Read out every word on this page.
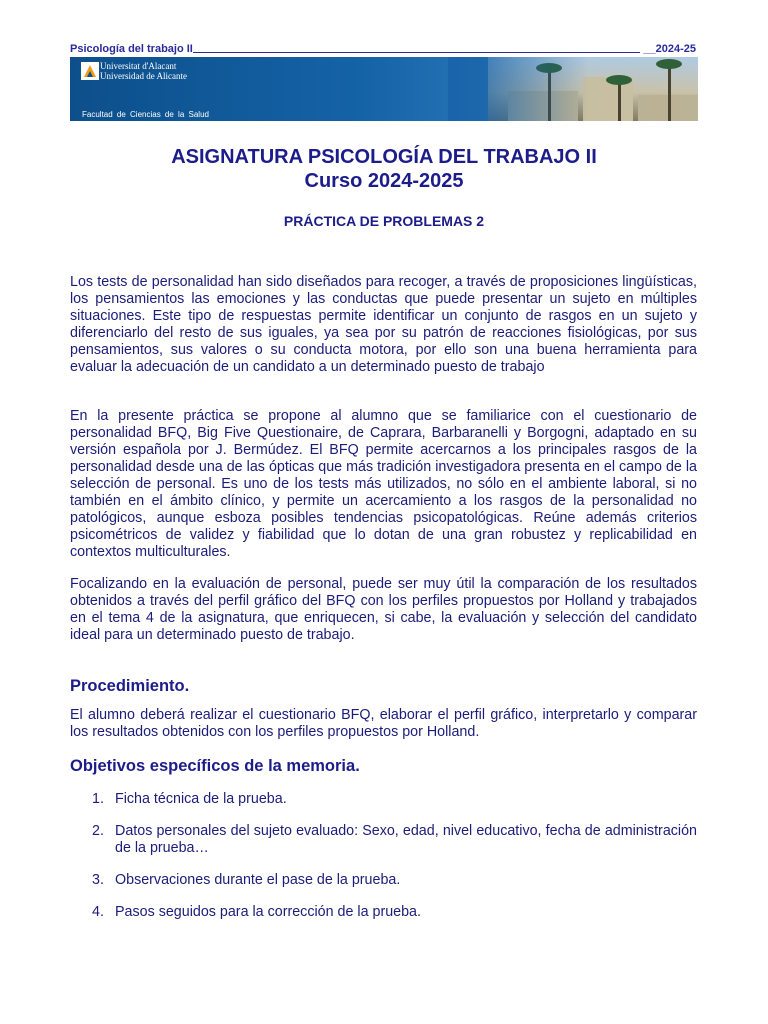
Psicología del trabajo II	__2024-25
Universitat d'Alacant
Universidad de Alicante
Facultad de Ciencias de la Salud
ASIGNATURA PSICOLOGÍA DEL TRABAJO II
Curso 2024-2025
PRÁCTICA DE PROBLEMAS 2

Los tests de personalidad han sido diseñados para recoger, a través de proposiciones lingüísticas, los pensamientos las emociones y las conductas que puede presentar un sujeto en múltiples situaciones. Este tipo de respuestas permite identificar un conjunto de rasgos en un sujeto y diferenciarlo del resto de sus iguales, ya sea por su patrón de reacciones fisiológicas, por sus pensamientos, sus valores o su conducta motora, por ello son una buena herramienta para evaluar la adecuación de un candidato a un determinado puesto de trabajo

En la presente práctica se propone al alumno que se familiarice con el cuestionario de personalidad BFQ, Big Five Questionaire, de Caprara, Barbaranelli y Borgogni, adaptado en su versión española por J. Bermúdez. El BFQ permite acercarnos a los principales rasgos de la personalidad desde una de las ópticas que más tradición investigadora presenta en el campo de la selección de personal. Es uno de los tests más utilizados, no sólo en el ambiente laboral, si no también en el ámbito clínico, y permite un acercamiento a los rasgos de la personalidad no patológicos, aunque esboza posibles tendencias psicopatológicas. Reúne además criterios psicométricos de validez y fiabilidad que lo dotan de una gran robustez y replicabilidad en contextos multiculturales.

Focalizando en la evaluación de personal, puede ser muy útil la comparación de los resultados obtenidos a través del perfil gráfico del BFQ con los perfiles propuestos por Holland y trabajados en el tema 4 de la asignatura, que enriquecen, si cabe, la evaluación y selección del candidato ideal para un determinado puesto de trabajo.

Procedimiento.

El alumno deberá realizar el cuestionario BFQ, elaborar el perfil gráfico, interpretarlo y comparar los resultados obtenidos con los perfiles propuestos por Holland.

Objetivos específicos de la memoria.
1. Ficha técnica de la prueba.
2. Datos personales del sujeto evaluado: Sexo, edad, nivel educativo, fecha de administración de la prueba…
3. Observaciones durante el pase de la prueba.
4. Pasos seguidos para la corrección de la prueba.
